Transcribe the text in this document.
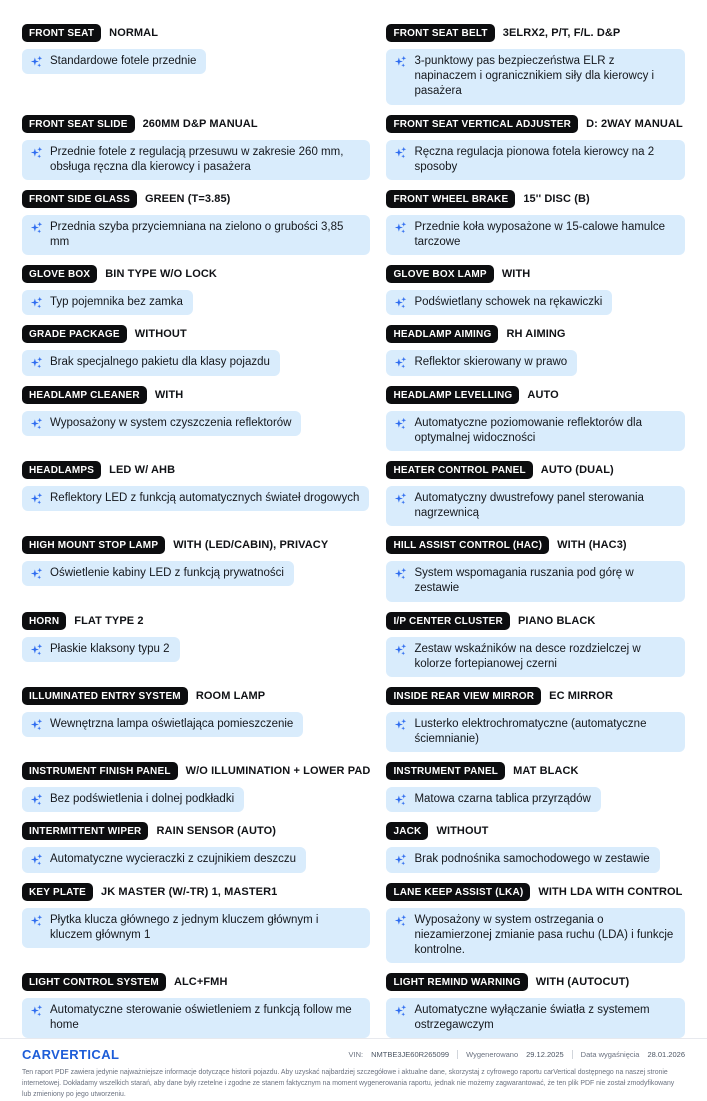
FRONT SEAT	NORMAL
Standardowe fotele przednie
FRONT SEAT BELT	3ELRX2, P/T, F/L. D&P
3-punktowy pas bezpieczeństwa ELR z napinaczem i ogranicznikiem siły dla kierowcy i pasażera
FRONT SEAT SLIDE	260MM D&P MANUAL
Przednie fotele z regulacją przesuwu w zakresie 260 mm, obsługa ręczna dla kierowcy i pasażera
FRONT SEAT VERTICAL ADJUSTER	D: 2WAY MANUAL
Ręczna regulacja pionowa fotela kierowcy na 2 sposoby
FRONT SIDE GLASS	GREEN (T=3.85)
Przednia szyba przyciemniana na zielono o grubości 3,85 mm
FRONT WHEEL BRAKE	15'' DISC (B)
Przednie koła wyposażone w 15-calowe hamulce tarczowe
GLOVE BOX	BIN TYPE W/O LOCK
Typ pojemnika bez zamka
GLOVE BOX LAMP	WITH
Podświetlany schowek na rękawiczki
GRADE PACKAGE	WITHOUT
Brak specjalnego pakietu dla klasy pojazdu
HEADLAMP AIMING	RH AIMING
Reflektor skierowany w prawo
HEADLAMP CLEANER	WITH
Wyposażony w system czyszczenia reflektorów
HEADLAMP LEVELLING	AUTO
Automatyczne poziomowanie reflektorów dla optymalnej widoczności
HEADLAMPS	LED W/ AHB
Reflektory LED z funkcją automatycznych świateł drogowych
HEATER CONTROL PANEL	AUTO (DUAL)
Automatyczny dwustrefowy panel sterowania nagrzewnicą
HIGH MOUNT STOP LAMP	WITH (LED/CABIN), PRIVACY
Oświetlenie kabiny LED z funkcją prywatności
HILL ASSIST CONTROL (HAC)	WITH (HAC3)
System wspomagania ruszania pod górę w zestawie
HORN	FLAT TYPE 2
Płaskie klaksony typu 2
I/P CENTER CLUSTER	PIANO BLACK
Zestaw wskaźników na desce rozdzielczej w kolorze fortepianowej czerni
ILLUMINATED ENTRY SYSTEM	ROOM LAMP
Wewnętrzna lampa oświetlająca pomieszczenie
INSIDE REAR VIEW MIRROR	EC MIRROR
Lusterko elektrochromatyczne (automatyczne ściemnianie)
INSTRUMENT FINISH PANEL	W/O ILLUMINATION + LOWER PAD
Bez podświetlenia i dolnej podkładki
INSTRUMENT PANEL	MAT BLACK
Matowa czarna tablica przyrządów
INTERMITTENT WIPER	RAIN SENSOR (AUTO)
Automatyczne wycieraczki z czujnikiem deszczu
JACK	WITHOUT
Brak podnośnika samochodowego w zestawie
KEY PLATE	JK MASTER (W/-TR) 1, MASTER1
Płytka klucza głównego z jednym kluczem głównym i kluczem głównym 1
LANE KEEP ASSIST (LKA)	WITH LDA WITH CONTROL
Wyposażony w system ostrzegania o niezamierzonej zmianie pasa ruchu (LDA) i funkcje kontrolne.
LIGHT CONTROL SYSTEM	ALC+FMH
Automatyczne sterowanie oświetleniem z funkcją follow me home
LIGHT REMIND WARNING	WITH (AUTOCUT)
Automatyczne wyłączanie światła z systemem ostrzegawczym
CARVERTICAL	VIN: NMTBE3JE60R265099 Wygenerowano 29.12.2025 Data wygaśnięcia 28.01.2026

Ten raport PDF zawiera jedynie najważniejsze informacje dotyczące historii pojazdu. Aby uzyskać najbardziej szczegółowe i aktualne dane, skorzystaj z cyfrowego raportu carVertical dostępnego na naszej stronie internetowej. Dokładamy wszelkich starań, aby dane były rzetelne i zgodne ze stanem faktycznym na moment wygenerowania raportu, jednak nie możemy zagwarantować, że ten plik PDF nie został zmodyfikowany lub zmieniony po jego utworzeniu.
